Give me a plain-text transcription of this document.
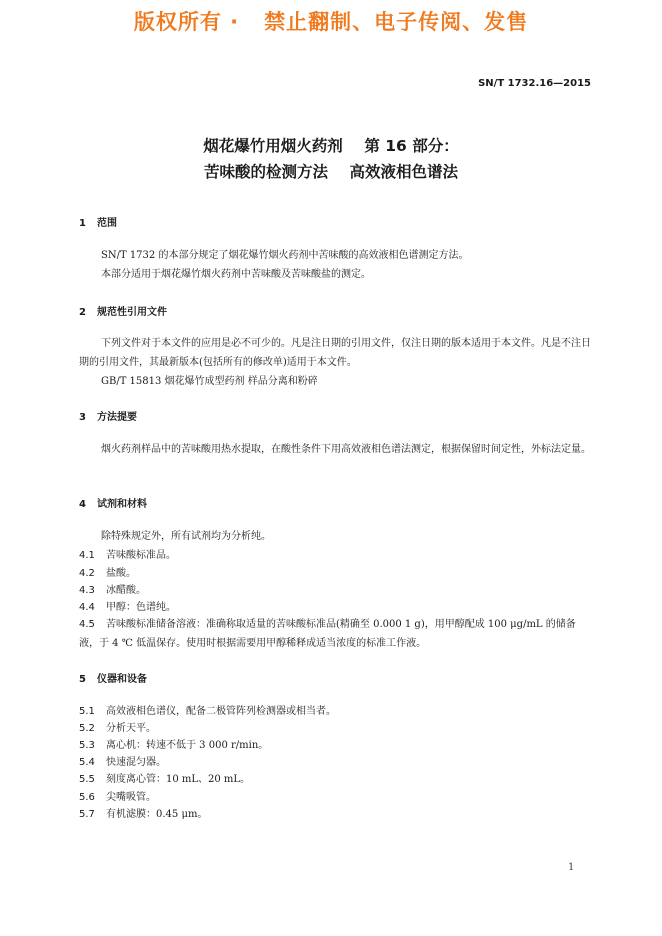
版权所有 ·   禁止翻制、电子传阅、发售
SN/T 1732.16—2015
烟花爆竹用烟火药剂    第 16 部分：
苦味酸的检测方法    高效液相色谱法
1 范围
SN/T 1732 的本部分规定了烟花爆竹烟火药剂中苦味酸的高效液相色谱测定方法。
本部分适用于烟花爆竹烟火药剂中苦味酸及苦味酸盐的测定。
2 规范性引用文件
下列文件对于本文件的应用是必不可少的。凡是注日期的引用文件，仅注日期的版本适用于本文件。凡是不注日期的引用文件，其最新版本(包括所有的修改单)适用于本文件。
GB/T 15813 烟花爆竹成型药剂 样品分离和粉碎
3 方法提要
烟火药剂样品中的苦味酸用热水提取，在酸性条件下用高效液相色谱法测定，根据保留时间定性，外标法定量。
4 试剂和材料
除特殊规定外，所有试剂均为分析纯。
4.1 苦味酸标准品。
4.2 盐酸。
4.3 冰醋酸。
4.4 甲醇：色谱纯。
4.5 苦味酸标准储备溶液：准确称取适量的苦味酸标准品(精确至 0.000 1 g)，用甲醇配成 100 μg/mL 的储备液，于 4 ℃ 低温保存。使用时根据需要用甲醇稀释成适当浓度的标准工作液。
5 仪器和设备
5.1 高效液相色谱仪，配备二极管阵列检测器或相当者。
5.2 分析天平。
5.3 离心机：转速不低于 3 000 r/min。
5.4 快速混匀器。
5.5 刻度离心管：10 mL、20 mL。
5.6 尖嘴吸管。
5.7 有机滤膜：0.45 μm。
1
